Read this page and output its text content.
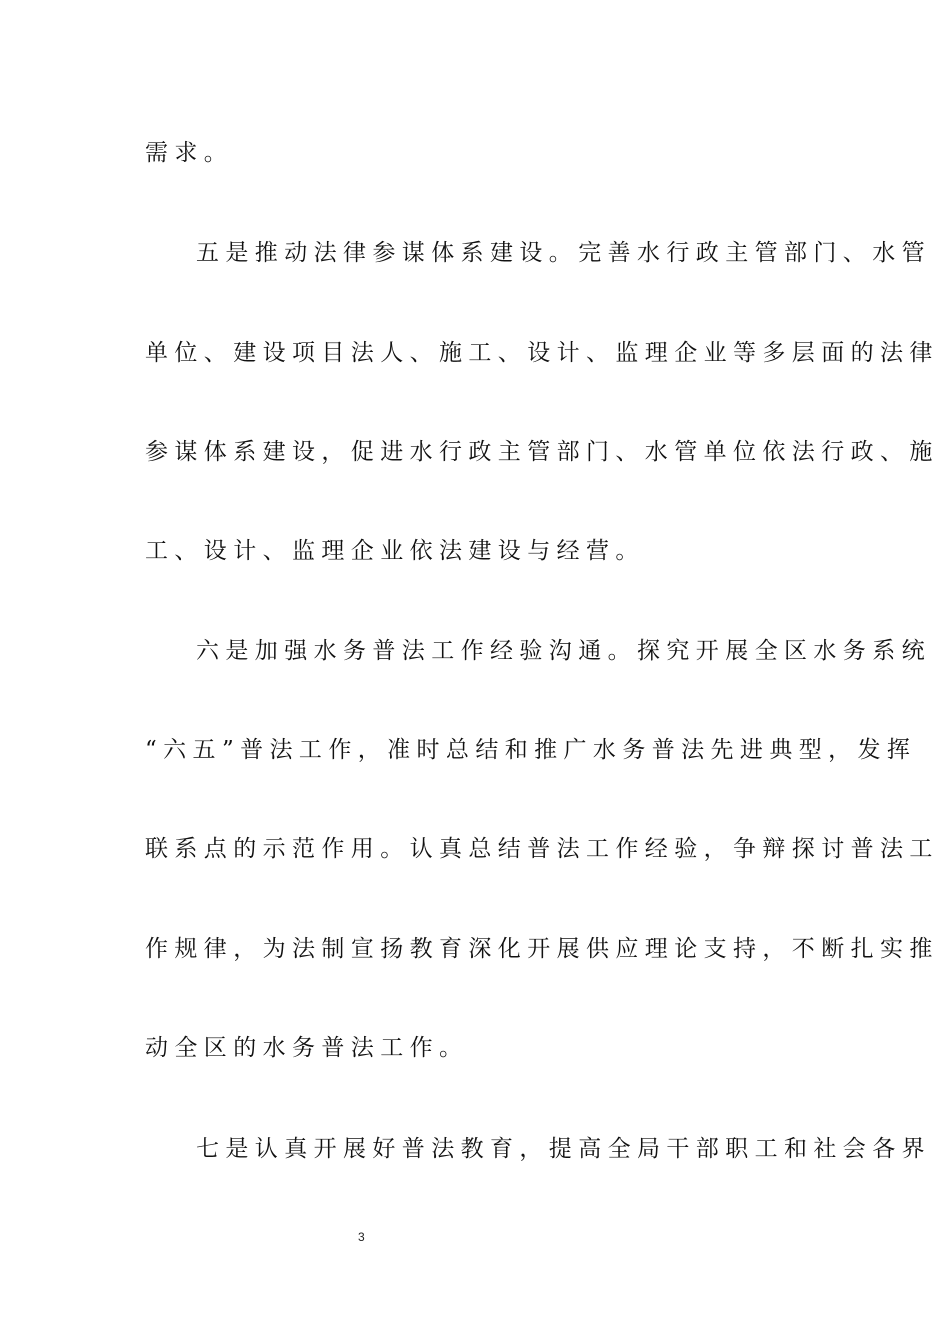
需求。
五是推动法律参谋体系建设。完善水行政主管部门、水管
单位、建设项目法人、施工、设计、监理企业等多层面的法律
参谋体系建设，促进水行政主管部门、水管单位依法行政、施
工、设计、监理企业依法建设与经营。
六是加强水务普法工作经验沟通。探究开展全区水务系统
“六五”普法工作，准时总结和推广水务普法先进典型，发挥
联系点的示范作用。认真总结普法工作经验，争辩探讨普法工
作规律，为法制宣扬教育深化开展供应理论支持，不断扎实推
动全区的水务普法工作。
七是认真开展好普法教育，提高全局干部职工和社会各界
3
